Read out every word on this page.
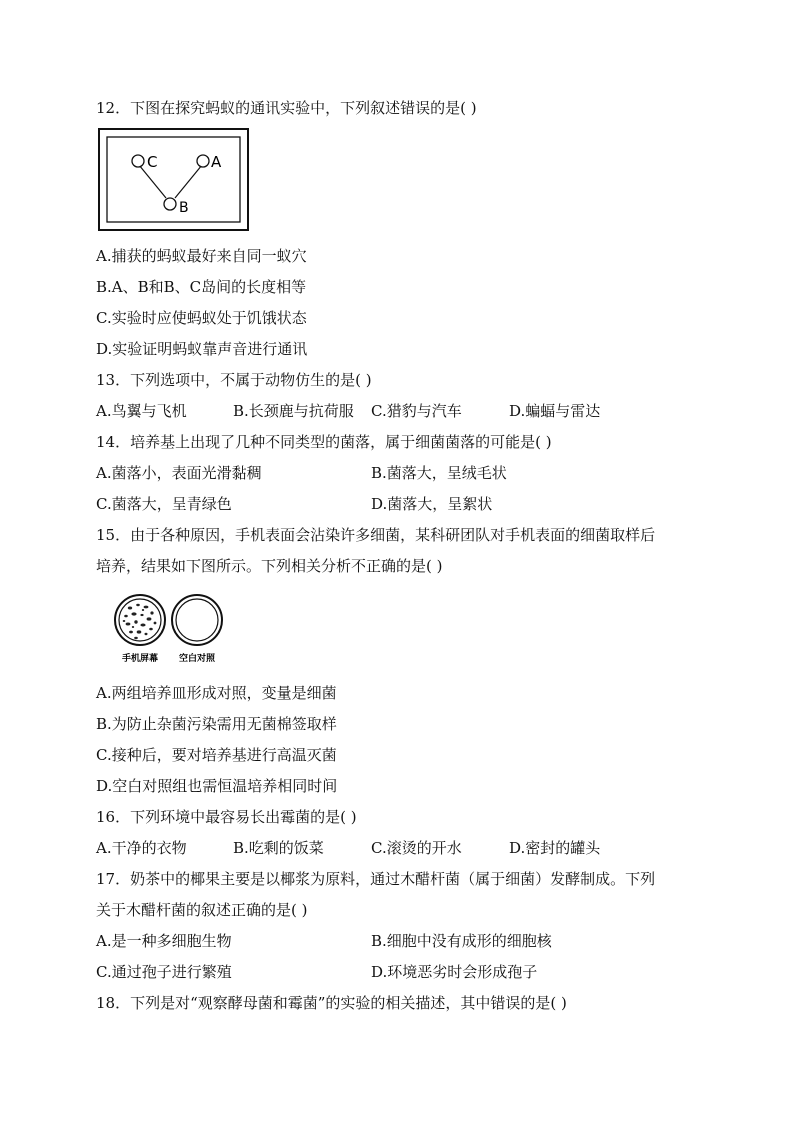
12．下图在探究蚂蚁的通讯实验中，下列叙述错误的是( )
C	A
B
A.捕获的蚂蚁最好来自同一蚁穴
B.A、B和B、C岛间的长度相等
C.实验时应使蚂蚁处于饥饿状态
D.实验证明蚂蚁靠声音进行通讯
13．下列选项中，不属于动物仿生的是( )
A.鸟翼与飞机	B.长颈鹿与抗荷服 C.猎豹与汽车	D.蝙蝠与雷达
14．培养基上出现了几种不同类型的菌落，属于细菌菌落的可能是( )
A.菌落小，表面光滑黏稠	B.菌落大，呈绒毛状
C.菌落大，呈青绿色	D.菌落大，呈絮状
15．由于各种原因，手机表面会沾染许多细菌，某科研团队对手机表面的细菌取样后
培养，结果如下图所示。下列相关分析不正确的是( )
手机屏幕 空白对照
A.两组培养皿形成对照，变量是细菌
B.为防止杂菌污染需用无菌棉签取样
C.接种后，要对培养基进行高温灭菌
D.空白对照组也需恒温培养相同时间
16．下列环境中最容易长出霉菌的是( )
A.干净的衣物	B.吃剩的饭菜	C.滚烫的开水	D.密封的罐头
17．奶茶中的椰果主要是以椰浆为原料，通过木醋杆菌（属于细菌）发酵制成。下列
关于木醋杆菌的叙述正确的是( )
A.是一种多细胞生物	B.细胞中没有成形的细胞核
C.通过孢子进行繁殖	D.环境恶劣时会形成孢子
18．下列是对“观察酵母菌和霉菌”的实验的相关描述，其中错误的是( )
